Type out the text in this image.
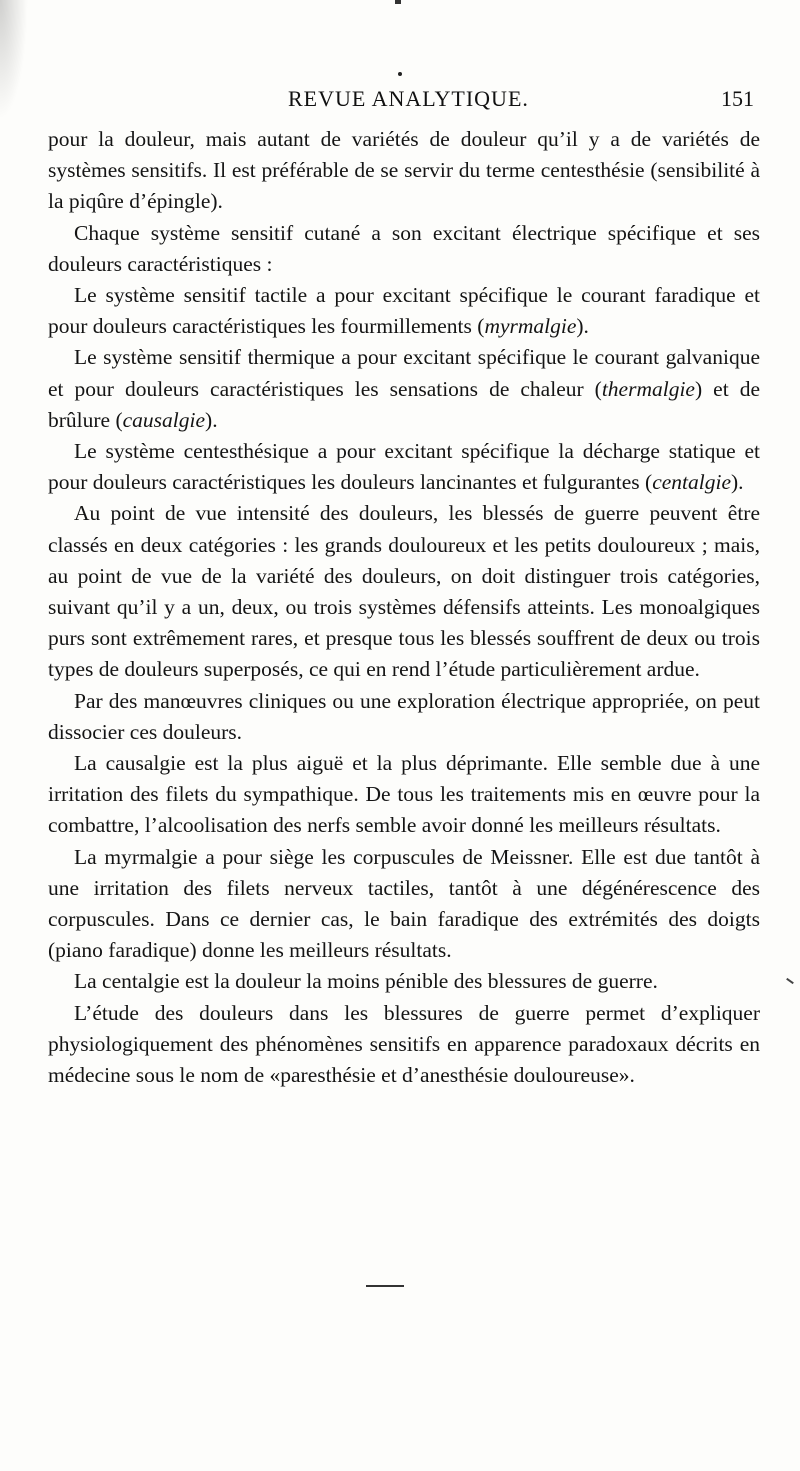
REVUE ANALYTIQUE.	151

pour la douleur, mais autant de variétés de douleur qu’il y a de variétés de systèmes sensitifs. Il est préférable de se servir du terme centesthésie (sensibilité à la piqûre d’épingle).

Chaque système sensitif cutané a son excitant électrique spécifique et ses douleurs caractéristiques :

Le système sensitif tactile a pour excitant spécifique le courant faradique et pour douleurs caractéristiques les fourmillements (myrmalgie).

Le système sensitif thermique a pour excitant spécifique le courant galvanique et pour douleurs caractéristiques les sensations de chaleur (thermalgie) et de brûlure (causalgie).

Le système centesthésique a pour excitant spécifique la décharge statique et pour douleurs caractéristiques les douleurs lancinantes et fulgurantes (centalgie).

Au point de vue intensité des douleurs, les blessés de guerre peuvent être classés en deux catégories : les grands douloureux et les petits douloureux ; mais, au point de vue de la variété des douleurs, on doit distinguer trois catégories, suivant qu’il y a un, deux, ou trois systèmes défensifs atteints. Les monoalgiques purs sont extrêmement rares, et presque tous les blessés souffrent de deux ou trois types de douleurs superposés, ce qui en rend l’étude particulièrement ardue.

Par des manœuvres cliniques ou une exploration électrique appropriée, on peut dissocier ces douleurs.

La causalgie est la plus aiguë et la plus déprimante. Elle semble due à une irritation des filets du sympathique. De tous les traitements mis en œuvre pour la combattre, l’alcoolisation des nerfs semble avoir donné les meilleurs résultats.

La myrmalgie a pour siège les corpuscules de Meissner. Elle est due tantôt à une irritation des filets nerveux tactiles, tantôt à une dégénérescence des corpuscules. Dans ce dernier cas, le bain faradique des extrémités des doigts (piano faradique) donne les meilleurs résultats.

La centalgie est la douleur la moins pénible des blessures de guerre.

L’étude des douleurs dans les blessures de guerre permet d’expliquer physiologiquement des phénomènes sensitifs en apparence paradoxaux décrits en médecine sous le nom de «paresthésie et d’anesthésie douloureuse».
